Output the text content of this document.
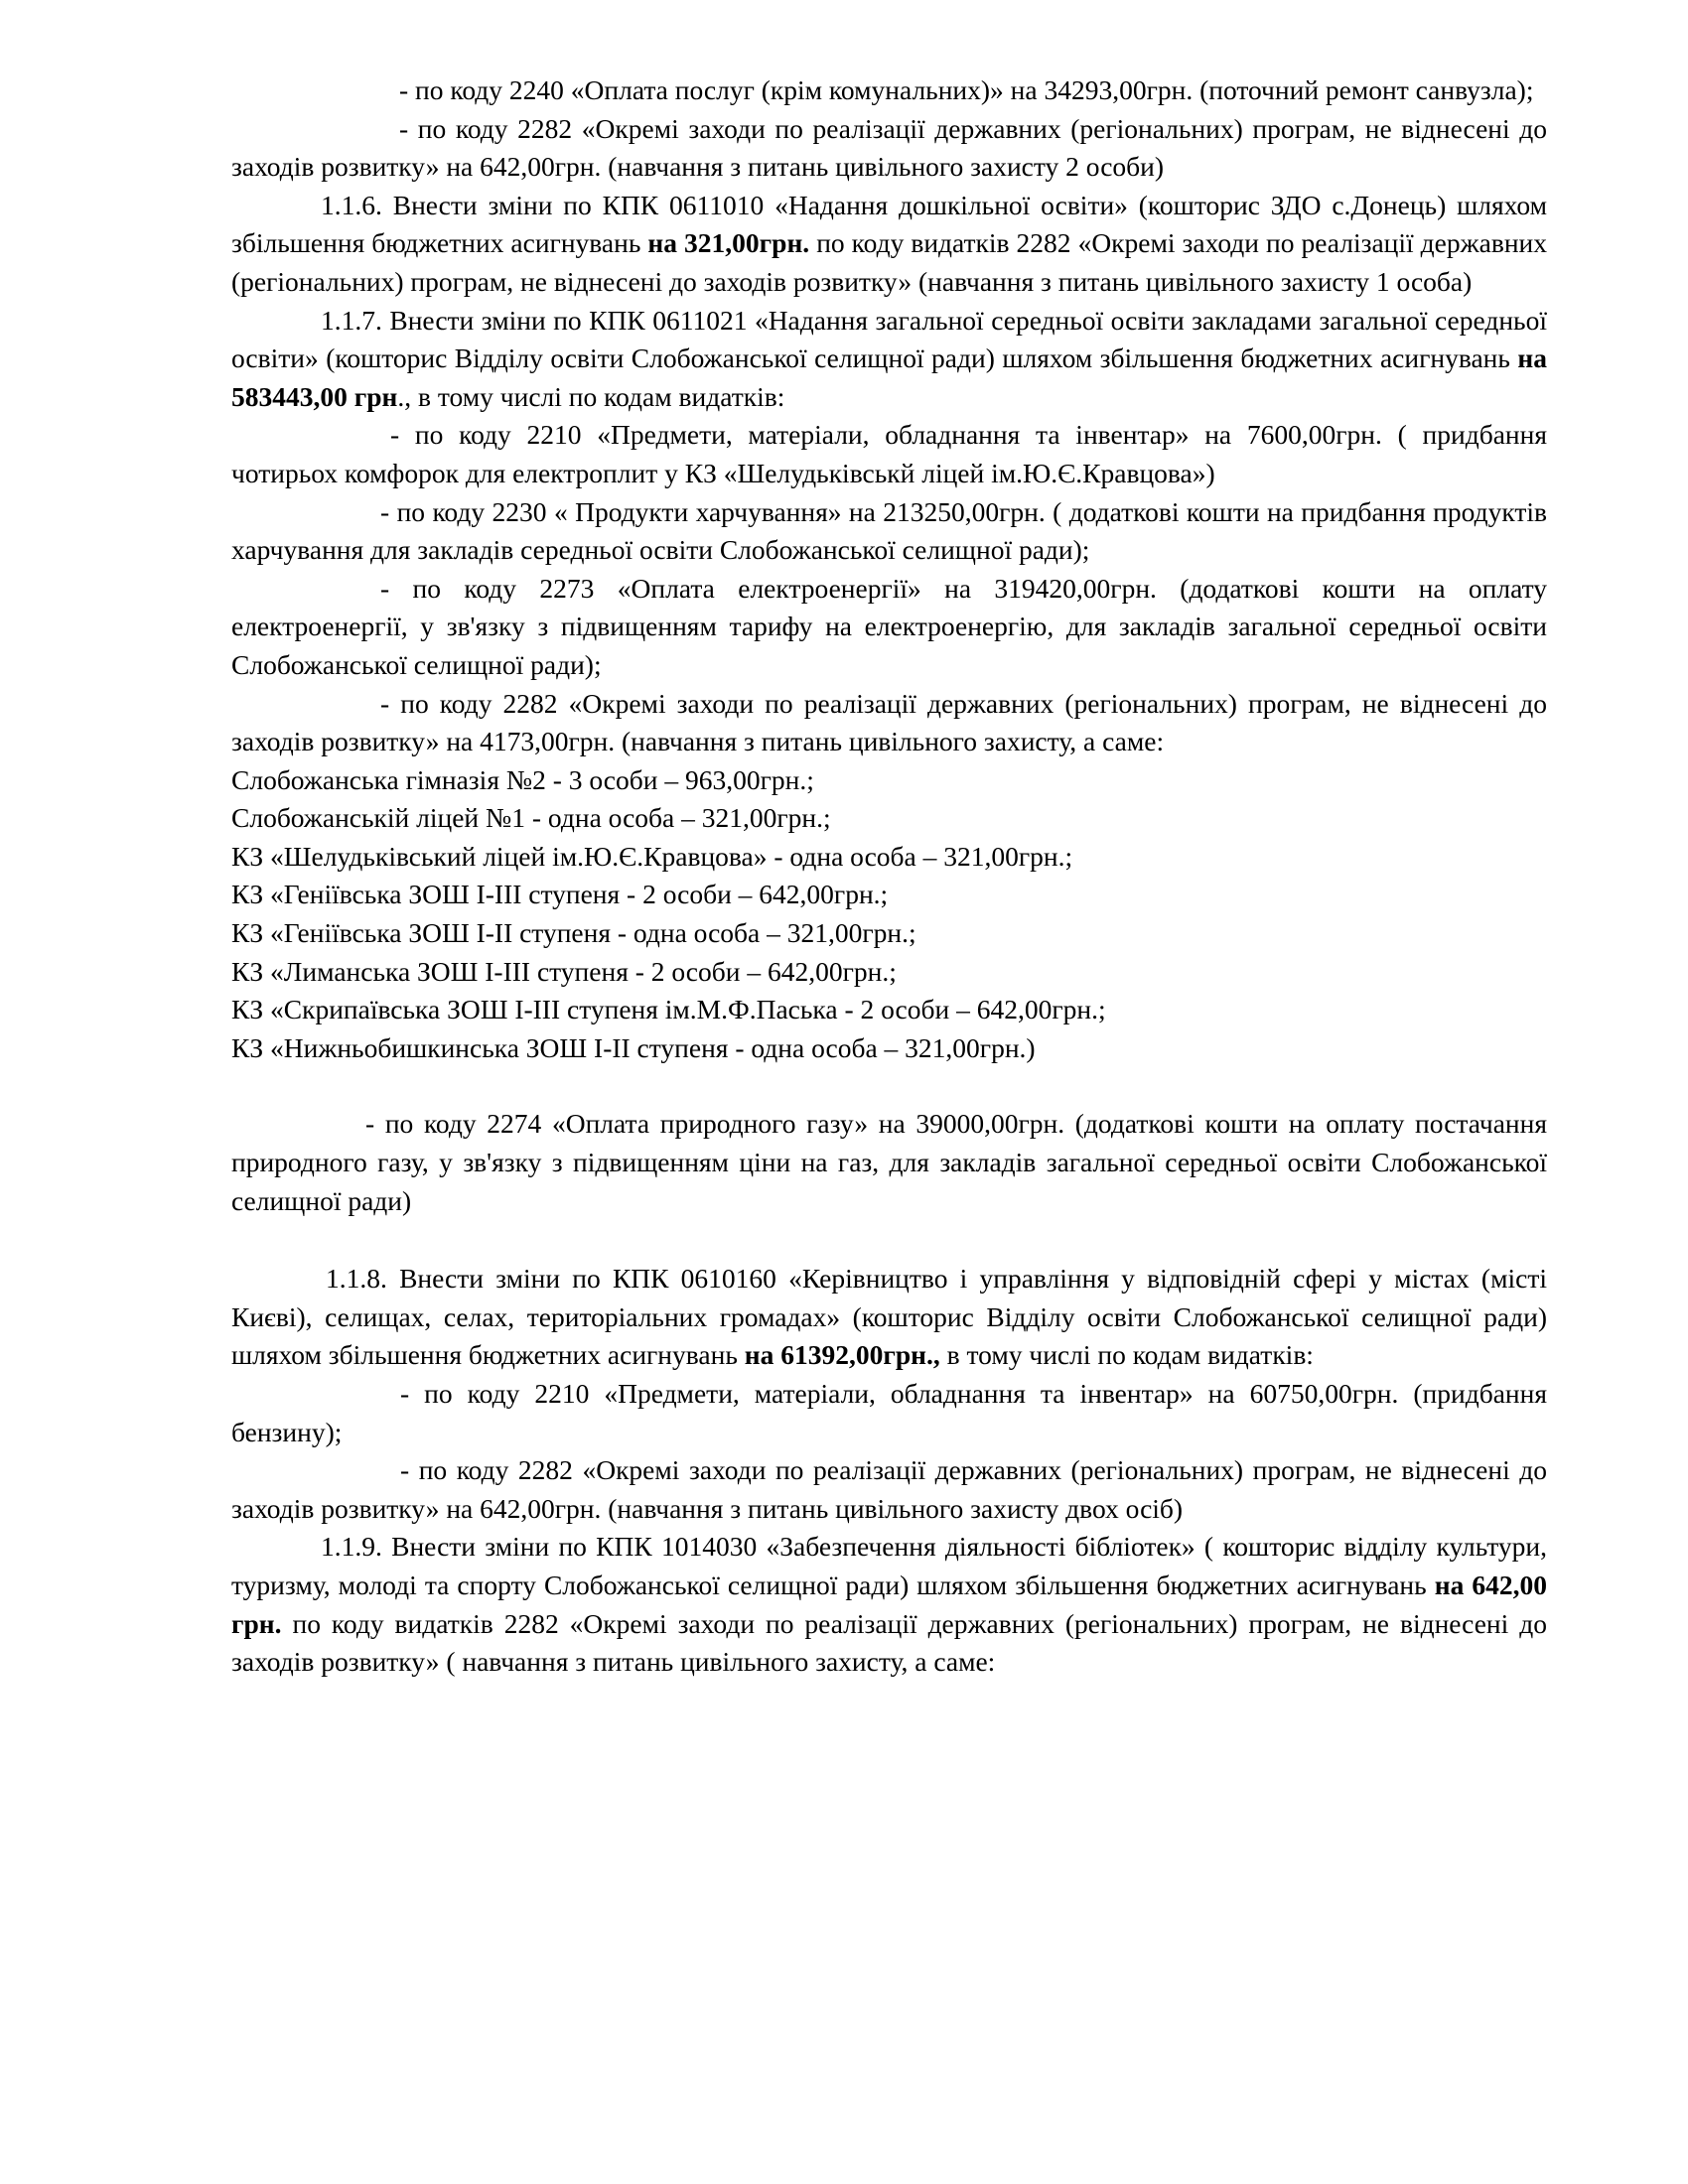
- по коду 2240 «Оплата послуг (крім комунальних)» на 34293,00грн. (поточний ремонт санвузла);

- по коду 2282 «Окремі заходи по реалізації державних (регіональних) програм, не віднесені до заходів розвитку» на 642,00грн. (навчання з питань цивільного захисту 2 особи)

1.1.6. Внести зміни по КПК 0611010 «Надання дошкільної освіти» (кошторис ЗДО с.Донець) шляхом збільшення бюджетних асигнувань на 321,00грн. по коду видатків 2282 «Окремі заходи по реалізації державних (регіональних) програм, не віднесені до заходів розвитку» (навчання з питань цивільного захисту 1 особа)

1.1.7. Внести зміни по КПК 0611021 «Надання загальної середньої освіти закладами загальної середньої освіти» (кошторис Відділу освіти Слобожанської селищної ради) шляхом збільшення бюджетних асигнувань на 583443,00 грн., в тому числі по кодам видатків:

- по коду 2210 «Предмети, матеріали, обладнання та інвентар» на 7600,00грн. ( придбання чотирьох комфорок для електроплит у КЗ «Шелудьківськй ліцей ім.Ю.Є.Кравцова»)

- по коду 2230 « Продукти харчування» на 213250,00грн. ( додаткові кошти на придбання продуктів харчування для закладів середньої освіти Слобожанської селищної ради);

- по коду 2273 «Оплата електроенергії» на 319420,00грн. (додаткові кошти на оплату електроенергії, у зв'язку з підвищенням тарифу на електроенергію, для закладів загальної середньої освіти Слобожанської селищної ради);

- по коду 2282 «Окремі заходи по реалізації державних (регіональних) програм, не віднесені до заходів розвитку» на 4173,00грн. (навчання з питань цивільного захисту, а саме:

Слобожанська гімназія №2 - 3 особи – 963,00грн.;

Слобожанській ліцей №1 - одна особа – 321,00грн.;

КЗ «Шелудьківський ліцей ім.Ю.Є.Кравцова» - одна особа – 321,00грн.;

КЗ «Геніївська ЗОШ І-ІІІ ступеня - 2 особи – 642,00грн.;

КЗ «Геніївська ЗОШ І-ІІ ступеня - одна особа – 321,00грн.;

КЗ «Лиманська ЗОШ І-ІІІ ступеня - 2 особи – 642,00грн.;

КЗ «Скрипаївська ЗОШ І-ІІІ ступеня ім.М.Ф.Паська - 2 особи – 642,00грн.;

КЗ «Нижньобишкинська ЗОШ І-ІІ ступеня - одна особа – 321,00грн.)

- по коду 2274 «Оплата природного газу» на 39000,00грн. (додаткові кошти на оплату постачання природного газу, у зв'язку з підвищенням ціни на газ, для закладів загальної середньої освіти Слобожанської селищної ради)

1.1.8. Внести зміни по КПК 0610160 «Керівництво і управління у відповідній сфері у містах (місті Києві), селищах, селах, територіальних громадах» (кошторис Відділу освіти Слобожанської селищної ради) шляхом збільшення бюджетних асигнувань на 61392,00грн., в тому числі по кодам видатків:

- по коду 2210 «Предмети, матеріали, обладнання та інвентар» на 60750,00грн. (придбання бензину);

- по коду 2282 «Окремі заходи по реалізації державних (регіональних) програм, не віднесені до заходів розвитку» на 642,00грн. (навчання з питань цивільного захисту двох осіб)

1.1.9. Внести зміни по КПК 1014030 «Забезпечення діяльності бібліотек» ( кошторис відділу культури, туризму, молоді та спорту Слобожанської селищної ради) шляхом збільшення бюджетних асигнувань на 642,00 грн. по коду видатків 2282 «Окремі заходи по реалізації державних (регіональних) програм, не віднесені до заходів розвитку» ( навчання з питань цивільного захисту, а саме:
